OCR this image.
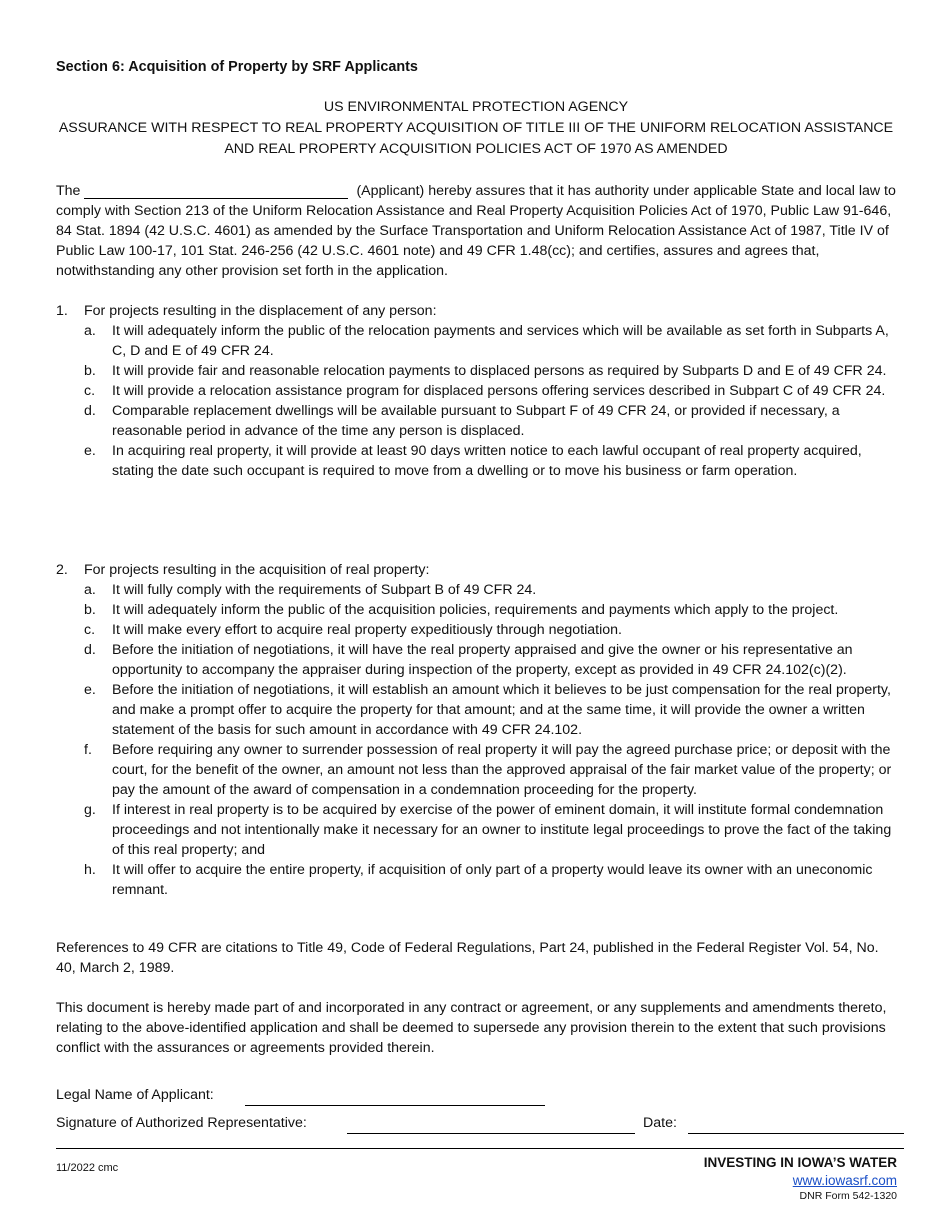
Section 6: Acquisition of Property by SRF Applicants
US ENVIRONMENTAL PROTECTION AGENCY
ASSURANCE WITH RESPECT TO REAL PROPERTY ACQUISITION OF TITLE III OF THE UNIFORM RELOCATION ASSISTANCE
AND REAL PROPERTY ACQUISITION POLICIES ACT OF 1970 AS AMENDED
The	(Applicant) hereby assures that it has authority under applicable State and local law to comply with Section 213 of the Uniform Relocation Assistance and Real Property Acquisition Policies Act of 1970, Public Law 91-646, 84 Stat. 1894 (42 U.S.C. 4601) as amended by the Surface Transportation and Uniform Relocation Assistance Act of 1987, Title IV of Public Law 100-17, 101 Stat. 246-256 (42 U.S.C. 4601 note) and 49 CFR 1.48(cc); and certifies, assures and agrees that, notwithstanding any other provision set forth in the application.
1. For projects resulting in the displacement of any person:
a. It will adequately inform the public of the relocation payments and services which will be available as set forth in Subparts A, C, D and E of 49 CFR 24.
b. It will provide fair and reasonable relocation payments to displaced persons as required by Subparts D and E of 49 CFR 24.
c. It will provide a relocation assistance program for displaced persons offering services described in Subpart C of 49 CFR 24.
d. Comparable replacement dwellings will be available pursuant to Subpart F of 49 CFR 24, or provided if necessary, a reasonable period in advance of the time any person is displaced.
e. In acquiring real property, it will provide at least 90 days written notice to each lawful occupant of real property acquired, stating the date such occupant is required to move from a dwelling or to move his business or farm operation.
2. For projects resulting in the acquisition of real property:
a. It will fully comply with the requirements of Subpart B of 49 CFR 24.
b. It will adequately inform the public of the acquisition policies, requirements and payments which apply to the project.
c. It will make every effort to acquire real property expeditiously through negotiation.
d. Before the initiation of negotiations, it will have the real property appraised and give the owner or his representative an opportunity to accompany the appraiser during inspection of the property, except as provided in 49 CFR 24.102(c)(2).
e. Before the initiation of negotiations, it will establish an amount which it believes to be just compensation for the real property, and make a prompt offer to acquire the property for that amount; and at the same time, it will provide the owner a written statement of the basis for such amount in accordance with 49 CFR 24.102.
f. Before requiring any owner to surrender possession of real property it will pay the agreed purchase price; or deposit with the court, for the benefit of the owner, an amount not less than the approved appraisal of the fair market value of the property; or pay the amount of the award of compensation in a condemnation proceeding for the property.
g. If interest in real property is to be acquired by exercise of the power of eminent domain, it will institute formal condemnation proceedings and not intentionally make it necessary for an owner to institute legal proceedings to prove the fact of the taking of this real property; and
h. It will offer to acquire the entire property, if acquisition of only part of a property would leave its owner with an uneconomic remnant.
References to 49 CFR are citations to Title 49, Code of Federal Regulations, Part 24, published in the Federal Register Vol. 54, No. 40, March 2, 1989.
This document is hereby made part of and incorporated in any contract or agreement, or any supplements and amendments thereto, relating to the above-identified application and shall be deemed to supersede any provision therein to the extent that such provisions conflict with the assurances or agreements provided therein.
Legal Name of Applicant:
Signature of Authorized Representative:	Date:
11/2022 cmc	INVESTING IN IOWA’S WATER
www.iowasrf.com
DNR Form 542-1320
